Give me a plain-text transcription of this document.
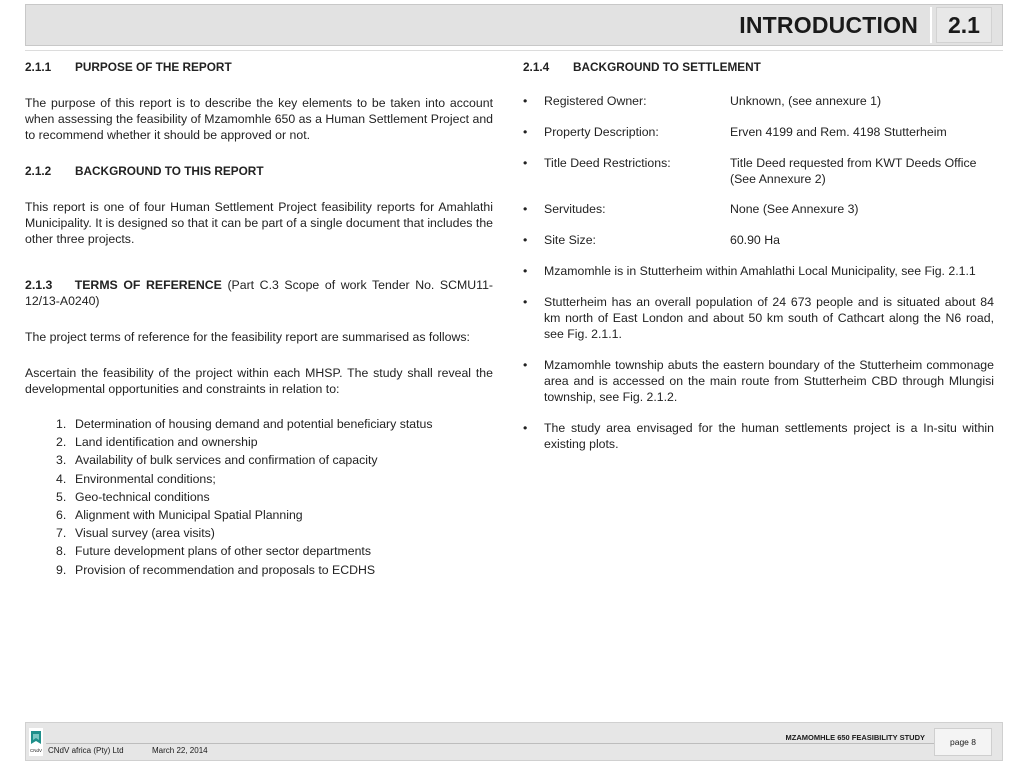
INTRODUCTION	2.1

2.1.1 PURPOSE OF THE REPORT

The purpose of this report is to describe the key elements to be taken into account when assessing the feasibility of Mzamomhle 650 as a Human Settlement Project and to recommend whether it should be approved or not.

2.1.2 BACKGROUND TO THIS REPORT

This report is one of four Human Settlement Project feasibility reports for Amahlathi Municipality. It is designed so that it can be part of a single document that includes the other three projects.

2.1.3 TERMS OF REFERENCE (Part C.3 Scope of work Tender No. SCMU11-12/13-A0240)

The project terms of reference for the feasibility report are summarised as follows:

Ascertain the feasibility of the project within each MHSP. The study shall reveal the developmental opportunities and constraints in relation to:

1. Determination of housing demand and potential beneficiary status
2. Land identification and ownership
3. Availability of bulk services and confirmation of capacity
4. Environmental conditions;
5. Geo-technical conditions
6. Alignment with Municipal Spatial Planning
7. Visual survey (area visits)
8. Future development plans of other sector departments
9. Provision of recommendation and proposals to ECDHS

2.1.4 BACKGROUND TO SETTLEMENT

• Registered Owner:	Unknown, (see annexure 1)
• Property Description:	Erven 4199 and Rem. 4198 Stutterheim
• Title Deed Restrictions:	Title Deed requested from KWT Deeds Office (See Annexure 2)
• Servitudes:	None (See Annexure 3)
• Site Size:	60.90 Ha
• Mzamomhle is in Stutterheim within Amahlathi Local Municipality, see Fig. 2.1.1
• Stutterheim has an overall population of 24 673 people and is situated about 84 km north of East London and about 50 km south of Cathcart along the N6 road, see Fig. 2.1.1.
• Mzamomhle township abuts the eastern boundary of the Stutterheim commonage area and is accessed on the main route from Stutterheim CBD through Mlungisi township, see Fig. 2.1.2.
• The study area envisaged for the human settlements project is a In-situ within existing plots.
CNdV
MZAMOMHLE 650 FEASIBILITY STUDY
CNdV africa (Pty) Ltd	March 22, 2014
page 8
